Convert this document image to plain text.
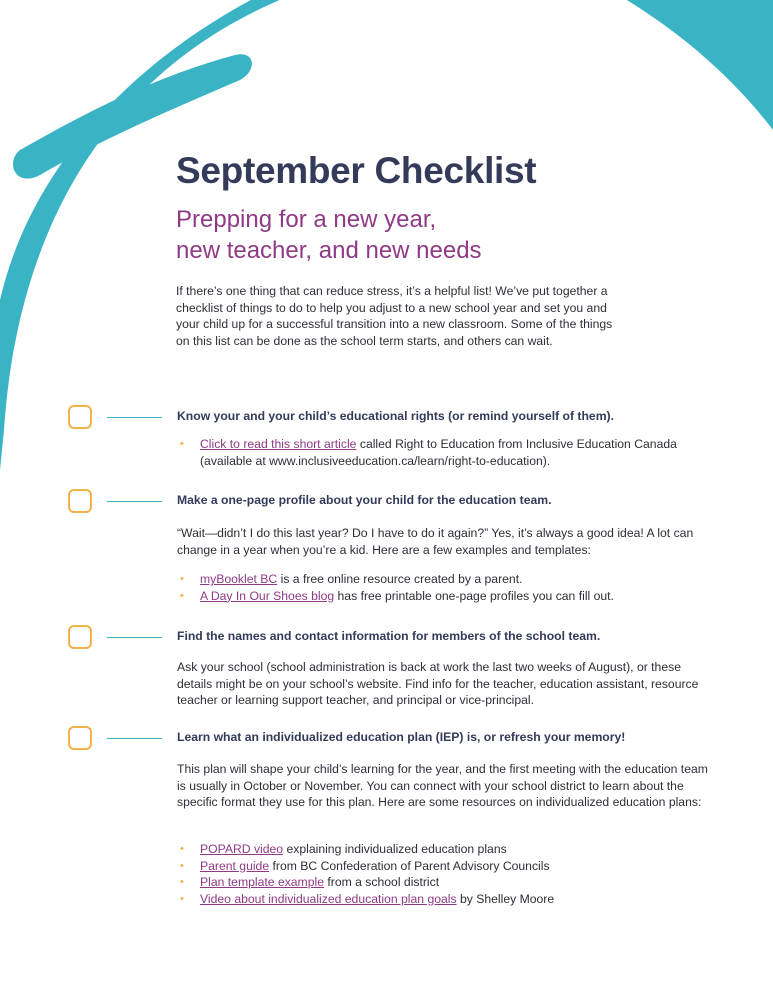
September Checklist
Prepping for a new year,
new teacher, and new needs
If there’s one thing that can reduce stress, it’s a helpful list! We’ve put together a checklist of things to do to help you adjust to a new school year and set you and your child up for a successful transition into a new classroom. Some of the things on this list can be done as the school term starts, and others can wait.
Know your and your child’s educational rights (or remind yourself of them).
• Click to read this short article called Right to Education from Inclusive Education Canada (available at www.inclusiveeducation.ca/learn/right-to-education).
Make a one-page profile about your child for the education team.
“Wait—didn’t I do this last year? Do I have to do it again?” Yes, it’s always a good idea! A lot can change in a year when you’re a kid. Here are a few examples and templates:
• myBooklet BC is a free online resource created by a parent.
• A Day In Our Shoes blog has free printable one-page profiles you can fill out.
Find the names and contact information for members of the school team.
Ask your school (school administration is back at work the last two weeks of August), or these details might be on your school’s website. Find info for the teacher, education assistant, resource teacher or learning support teacher, and principal or vice-principal.
Learn what an individualized education plan (IEP) is, or refresh your memory!
This plan will shape your child’s learning for the year, and the first meeting with the education team is usually in October or November. You can connect with your school district to learn about the specific format they use for this plan. Here are some resources on individualized education plans:
• POPARD video explaining individualized education plans
• Parent guide from BC Confederation of Parent Advisory Councils
• Plan template example from a school district
• Video about individualized education plan goals by Shelley Moore
